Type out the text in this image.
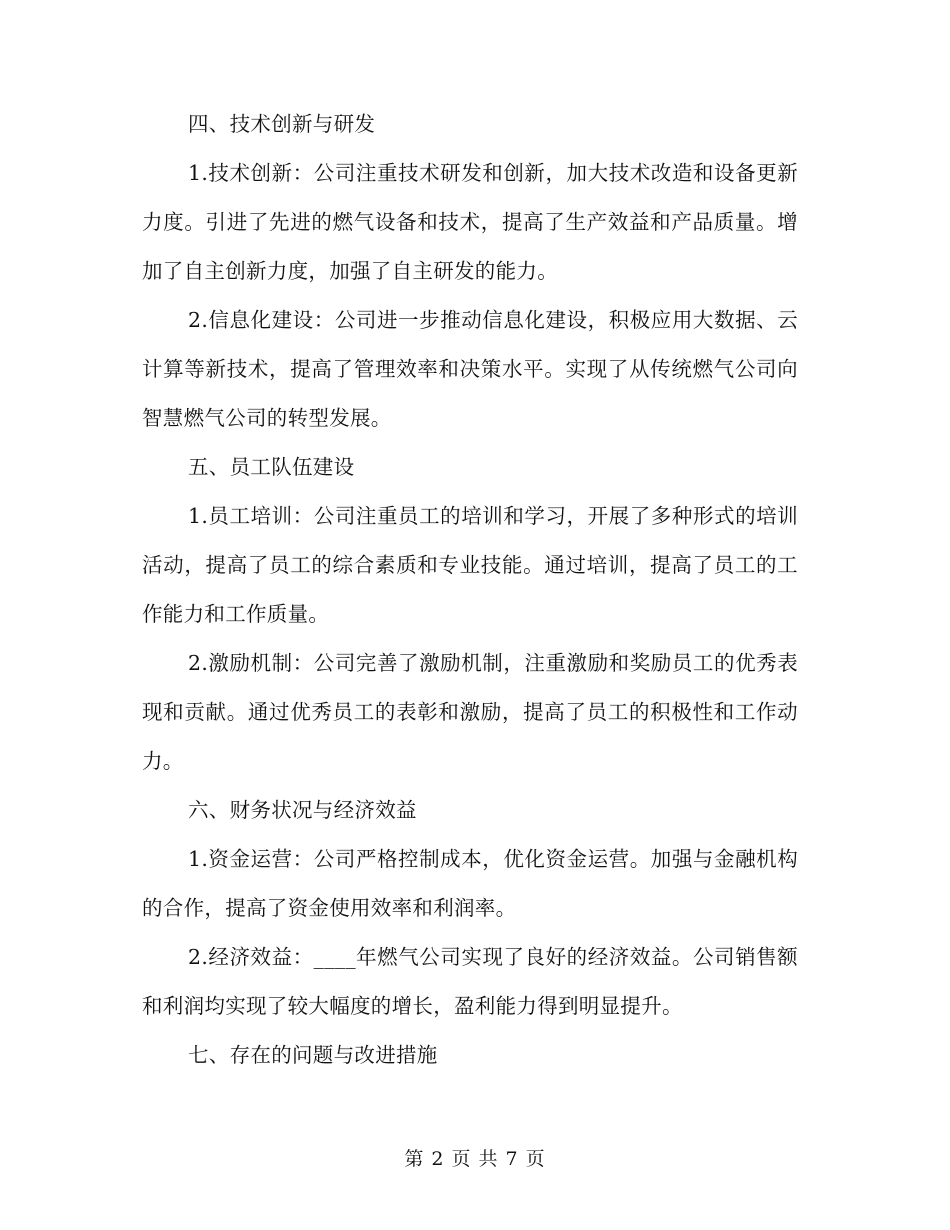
四、技术创新与研发

1.技术创新：公司注重技术研发和创新，加大技术改造和设备更新力度。引进了先进的燃气设备和技术，提高了生产效益和产品质量。增加了自主创新力度，加强了自主研发的能力。

2.信息化建设：公司进一步推动信息化建设，积极应用大数据、云计算等新技术，提高了管理效率和决策水平。实现了从传统燃气公司向智慧燃气公司的转型发展。

五、员工队伍建设

1.员工培训：公司注重员工的培训和学习，开展了多种形式的培训活动，提高了员工的综合素质和专业技能。通过培训，提高了员工的工作能力和工作质量。

2.激励机制：公司完善了激励机制，注重激励和奖励员工的优秀表现和贡献。通过优秀员工的表彰和激励，提高了员工的积极性和工作动力。

六、财务状况与经济效益

1.资金运营：公司严格控制成本，优化资金运营。加强与金融机构的合作，提高了资金使用效率和利润率。

2.经济效益：____年燃气公司实现了良好的经济效益。公司销售额和利润均实现了较大幅度的增长，盈利能力得到明显提升。

七、存在的问题与改进措施

第 2 页 共 7 页
